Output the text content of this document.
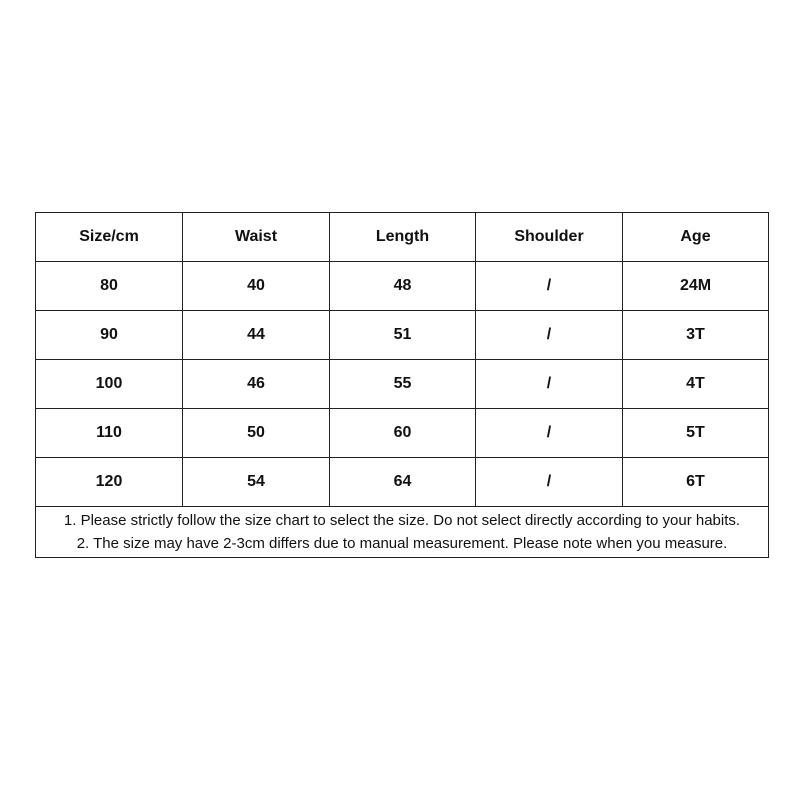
Size/cm	Waist	Length	Shoulder	Age
80	40	48	/	24M
90	44	51	/	3T
100	46	55	/	4T
110	50	60	/	5T
120	54	64	/	6T

1. Please strictly follow the size chart to select the size. Do not select directly according to your habits.
2. The size may have 2-3cm differs due to manual measurement. Please note when you measure.				
